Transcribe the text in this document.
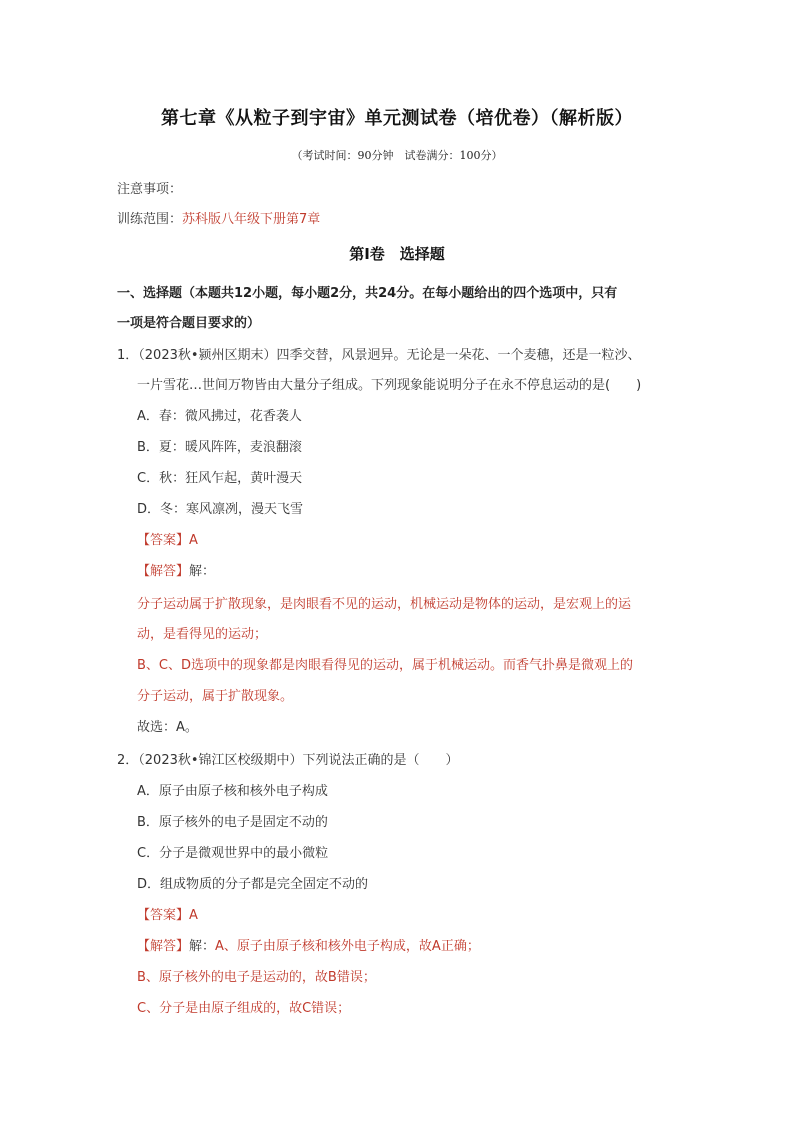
第七章《从粒子到宇宙》单元测试卷（培优卷）（解析版）
（考试时间：90分钟　试卷满分：100分）
注意事项：
训练范围：苏科版八年级下册第7章
第Ⅰ卷　选择题
一、选择题（本题共12小题，每小题2分，共24分。在每小题给出的四个选项中，只有
一项是符合题目要求的）
1．（2023秋•颍州区期末）四季交替，风景迥异。无论是一朵花、一个麦穗，还是一粒沙、
一片雪花…世间万物皆由大量分子组成。下列现象能说明分子在永不停息运动的是(　　)
A．春：微风拂过，花香袭人
B．夏：暖风阵阵，麦浪翻滚
C．秋：狂风乍起，黄叶漫天
D．冬：寒风凛冽，漫天飞雪
【答案】A
【解答】解：
分子运动属于扩散现象，是肉眼看不见的运动，机械运动是物体的运动，是宏观上的运
动，是看得见的运动；
B、C、D选项中的现象都是肉眼看得见的运动，属于机械运动。而香气扑鼻是微观上的
分子运动，属于扩散现象。
故选：A。
2．（2023秋•锦江区校级期中）下列说法正确的是（　　）
A．原子由原子核和核外电子构成
B．原子核外的电子是固定不动的
C．分子是微观世界中的最小微粒
D．组成物质的分子都是完全固定不动的
【答案】A
【解答】解：A、原子由原子核和核外电子构成，故A正确；
B、原子核外的电子是运动的，故B错误；
C、分子是由原子组成的，故C错误；
